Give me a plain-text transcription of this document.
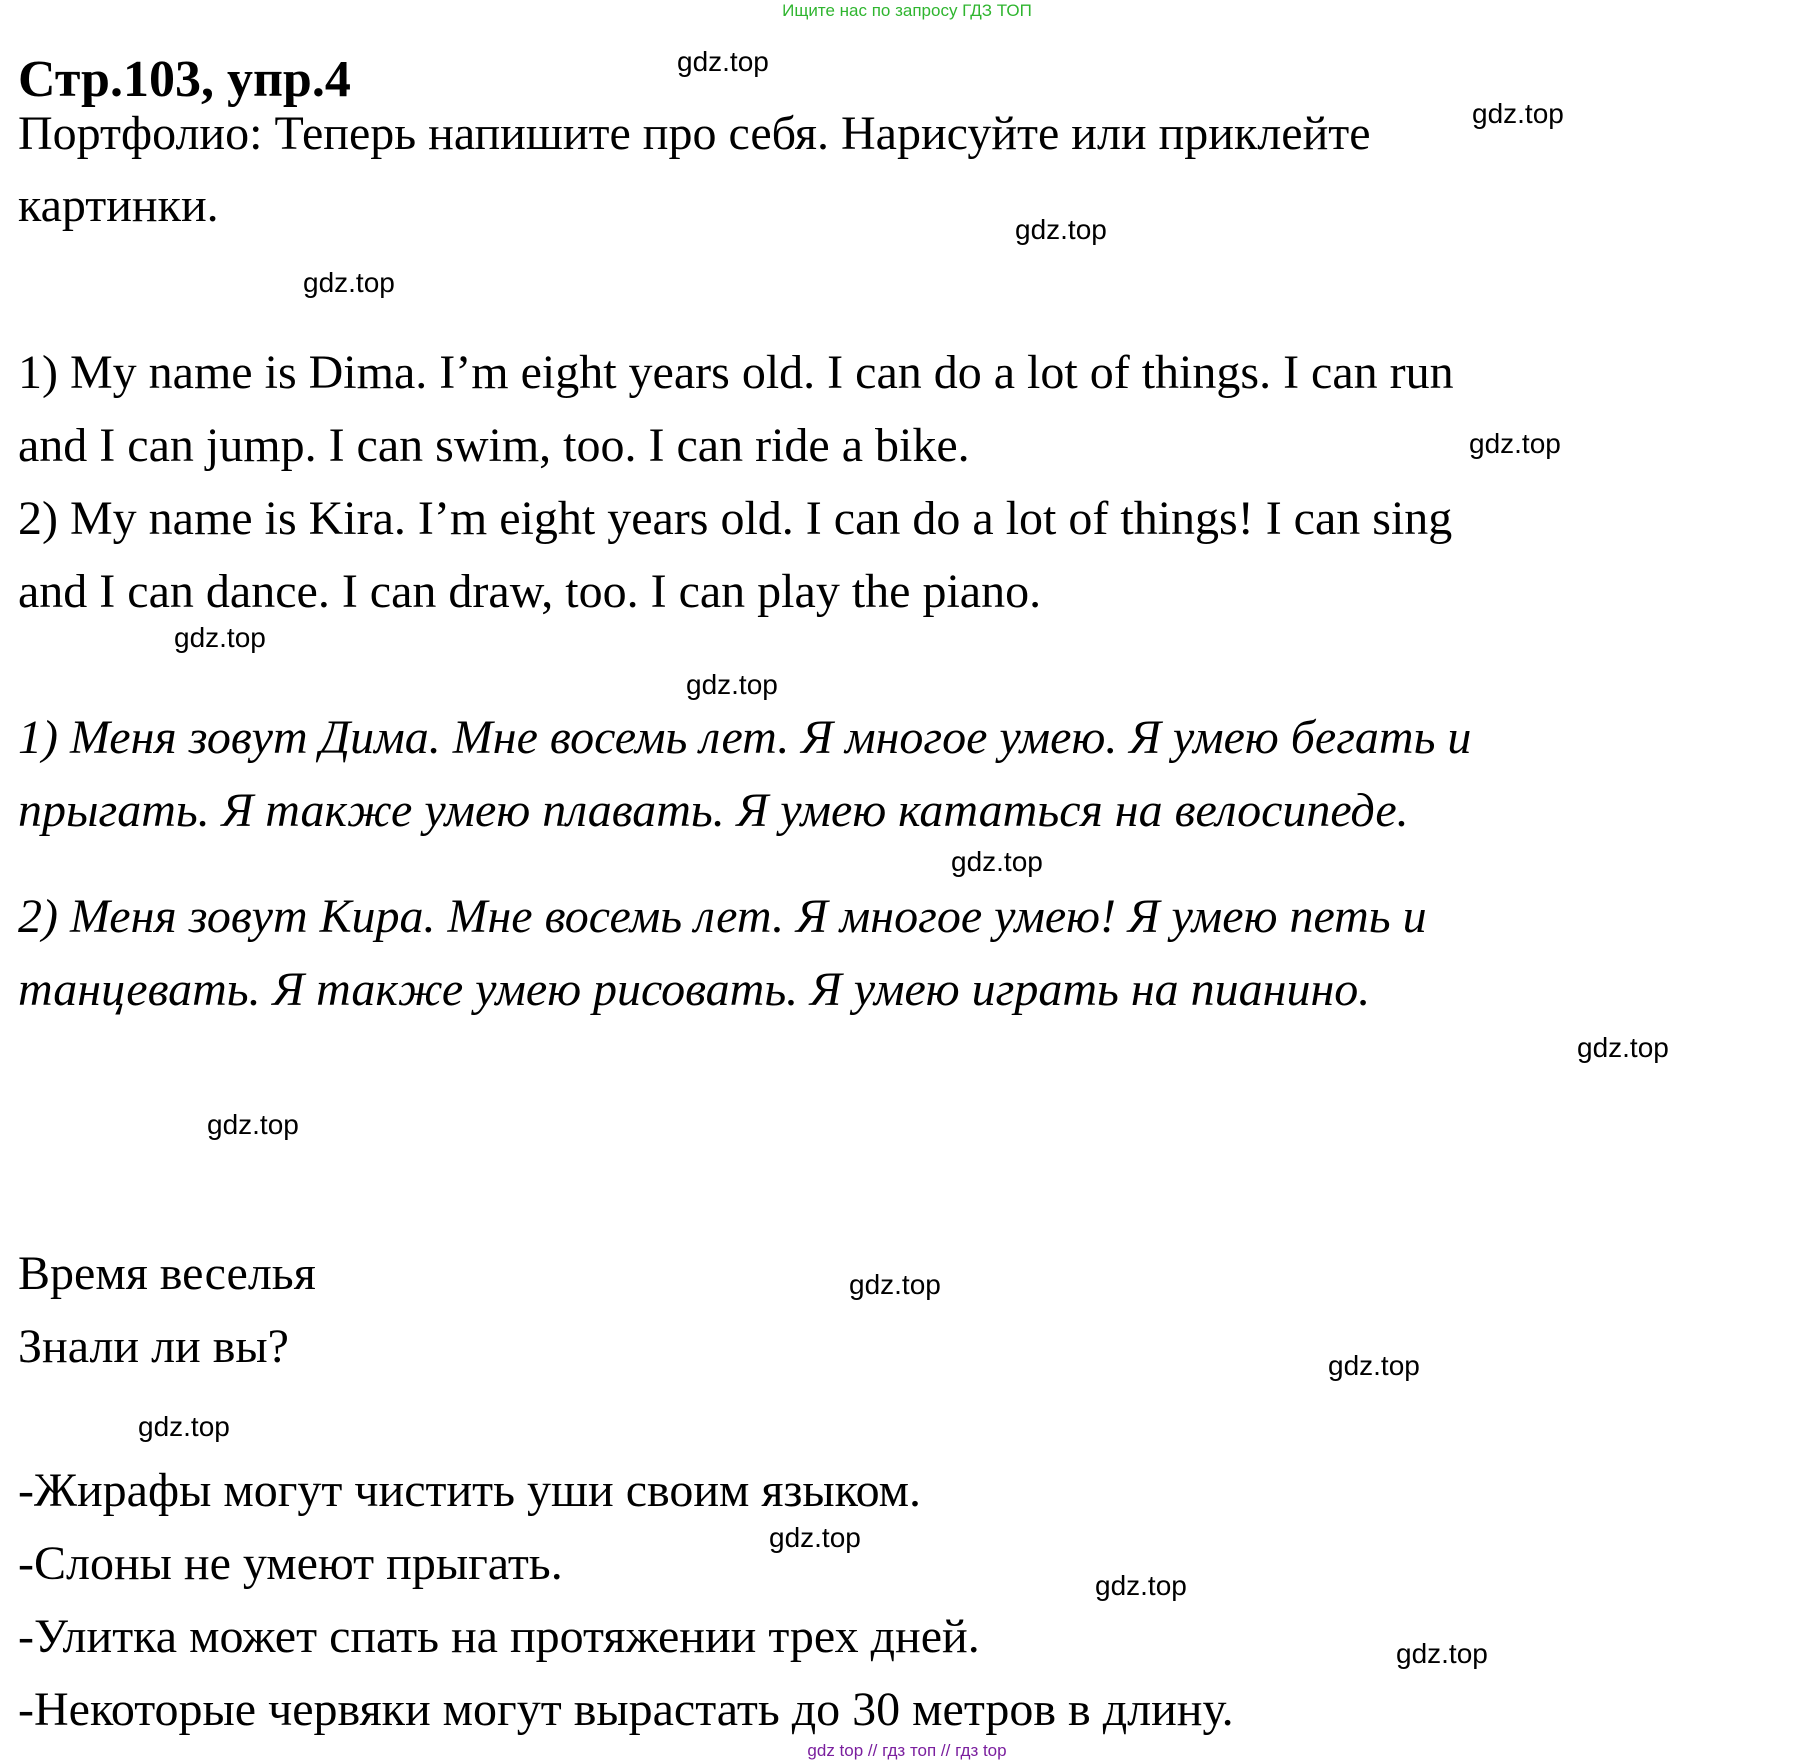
Ищите нас по запросу ГДЗ ТОП
Стр.103, упр.4
Портфолио: Теперь напишите про себя. Нарисуйте или приклейте
картинки.
1) My name is Dima. I’m eight years old. I can do a lot of things. I can run
and I can jump. I can swim, too. I can ride a bike.
2) My name is Kira. I’m eight years old. I can do a lot of things! I can sing
and I can dance. I can draw, too. I can play the piano.
1) Меня зовут Дима. Мне восемь лет. Я многое умею. Я умею бегать и
прыгать. Я также умею плавать. Я умею кататься на велосипеде.
2) Меня зовут Кира. Мне восемь лет. Я многое умею! Я умею петь и
танцевать. Я также умею рисовать. Я умею играть на пианино.
Время веселья
Знали ли вы?
-Жирафы могут чистить уши своим языком.
-Слоны не умеют прыгать.
-Улитка может спать на протяжении трех дней.
-Некоторые червяки могут вырастать до 30 метров в длину.
gdz.top
gdz.top
gdz.top
gdz.top
gdz.top
gdz.top
gdz.top
gdz.top
gdz.top
gdz.top
gdz.top
gdz.top
gdz.top
gdz.top
gdz.top
gdz.top
gdz top // гдз топ // гдз top
